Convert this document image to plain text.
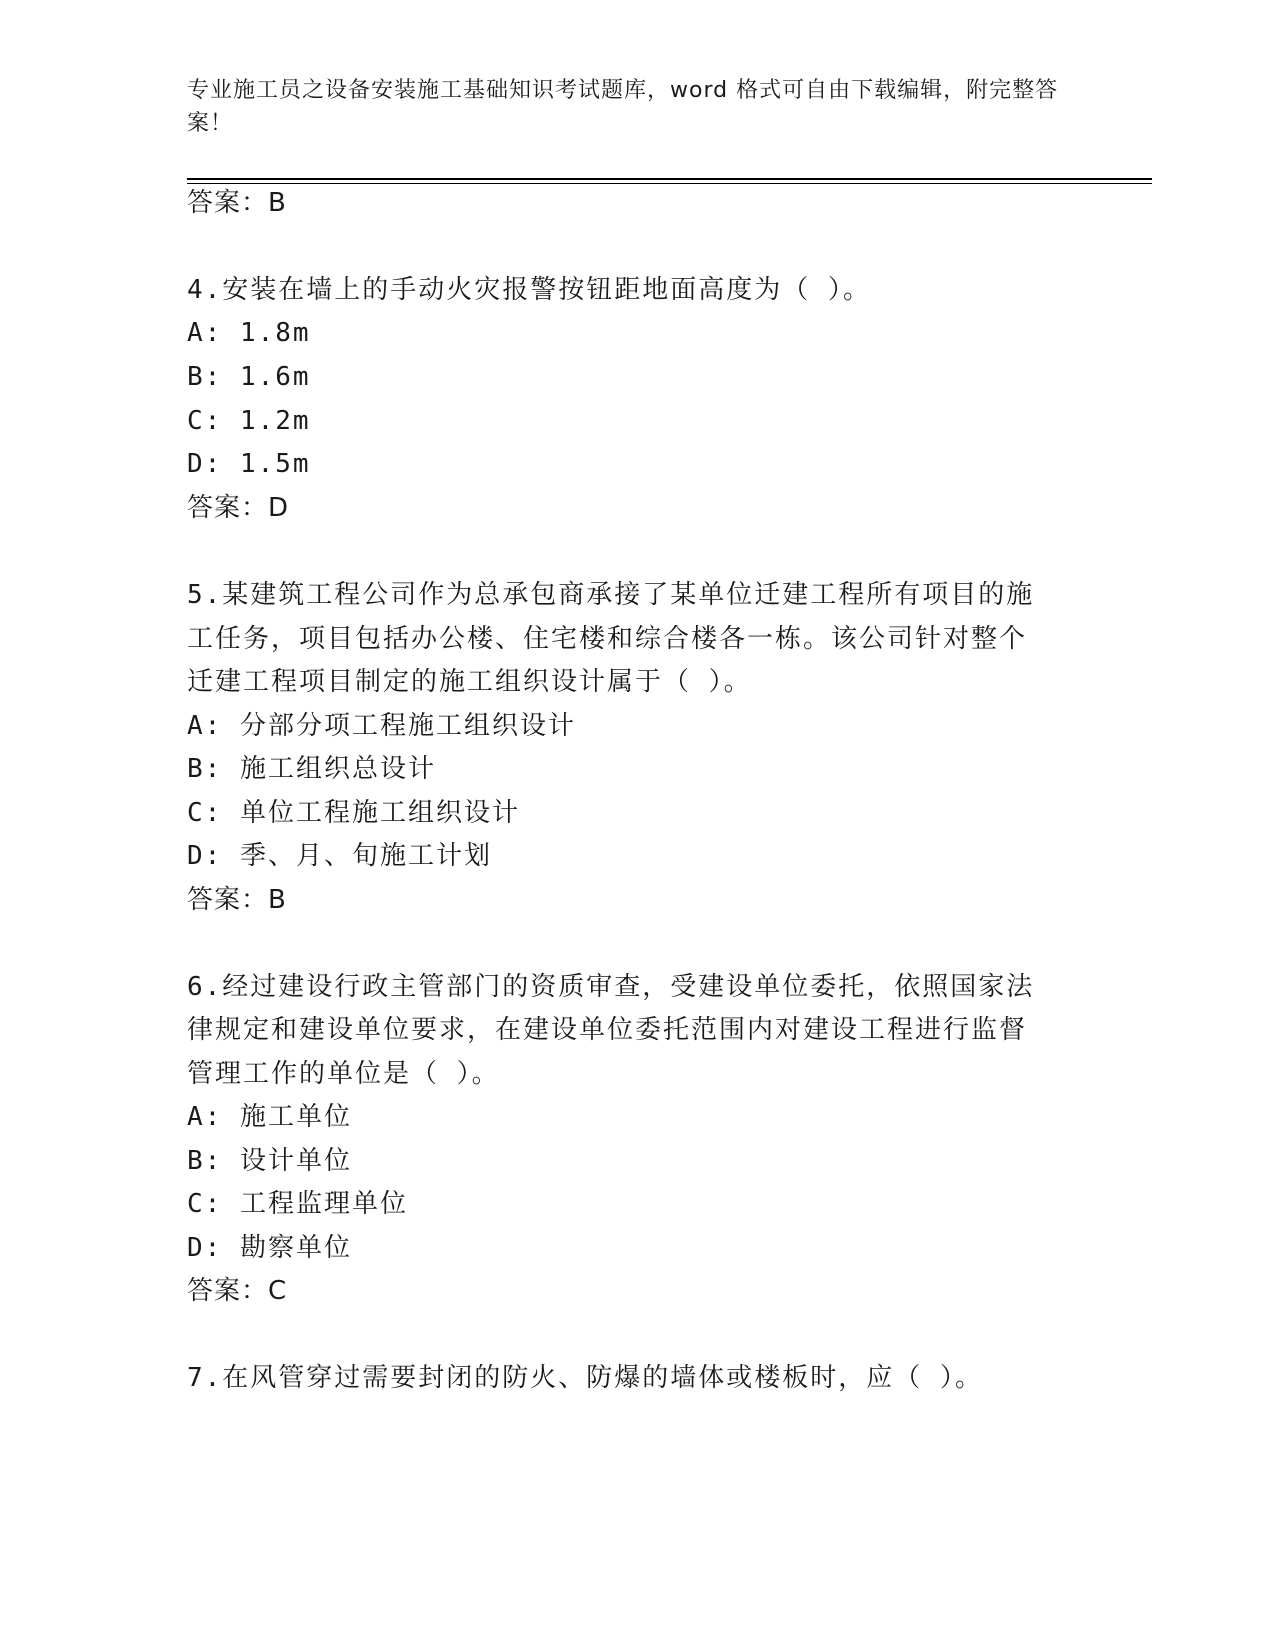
专业施工员之设备安装施工基础知识考试题库，word 格式可自由下载编辑，附完整答案！
答案：B
4.安装在墙上的手动火灾报警按钮距地面高度为（ ）。
A: 1.8m
B: 1.6m
C: 1.2m
D: 1.5m
答案：D
5.某建筑工程公司作为总承包商承接了某单位迁建工程所有项目的施
工任务，项目包括办公楼、住宅楼和综合楼各一栋。该公司针对整个
迁建工程项目制定的施工组织设计属于（ ）。
A: 分部分项工程施工组织设计
B: 施工组织总设计
C: 单位工程施工组织设计
D: 季、月、旬施工计划
答案：B
6.经过建设行政主管部门的资质审查，受建设单位委托，依照国家法
律规定和建设单位要求，在建设单位委托范围内对建设工程进行监督
管理工作的单位是（ ）。
A: 施工单位
B: 设计单位
C: 工程监理单位
D: 勘察单位
答案：C
7.在风管穿过需要封闭的防火、防爆的墙体或楼板时，应（ ）。
